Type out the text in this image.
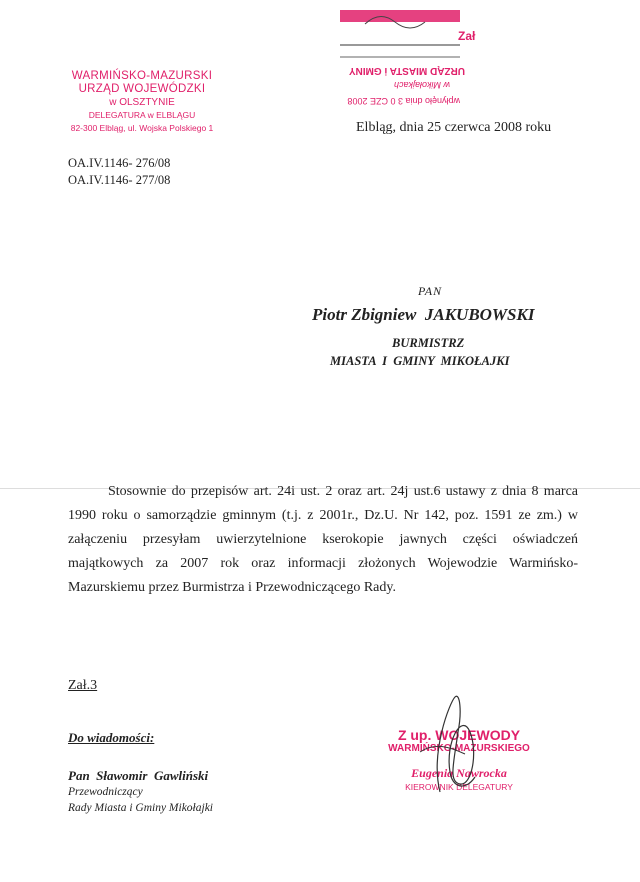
Zał
wpłynęło dnia 3 0 CZE 2008
w Mikołajkach
URZĄD MIASTA i GMINY
WARMIŃSKO-MAZURSKI
URZĄD WOJEWÓDZKI
w OLSZTYNIE
DELEGATURA w ELBLĄGU
82-300 Elbląg, ul. Wojska Polskiego 1	Elbląg, dnia 25 czerwca 2008 roku
OA.IV.1146- 276/08
OA.IV.1146- 277/08
PAN
Piotr Zbigniew  JAKUBOWSKI
BURMISTRZ
MIASTA  I  GMINY  MIKOŁAJKI
Stosownie do przepisów art. 24i ust. 2 oraz art. 24j ust.6 ustawy z dnia 8 marca 1990 roku o samorządzie gminnym (t.j. z 2001r., Dz.U. Nr 142, poz. 1591 ze zm.) w załączeniu przesyłam uwierzytelnione kserokopie jawnych części oświadczeń majątkowych za 2007 rok oraz informacji złożonych Wojewodzie Warmińsko-Mazurskiemu przez Burmistrza i Przewodniczącego Rady.
Zał.3
Do wiadomości:
Pan  Sławomir  Gawliński
Przewodniczący
Rady Miasta i Gminy Mikołajki
Z up. WOJEWODY
WARMIŃSKO-MAZURSKIEGO
Eugenia Nawrocka
KIEROWNIK DELEGATURY
